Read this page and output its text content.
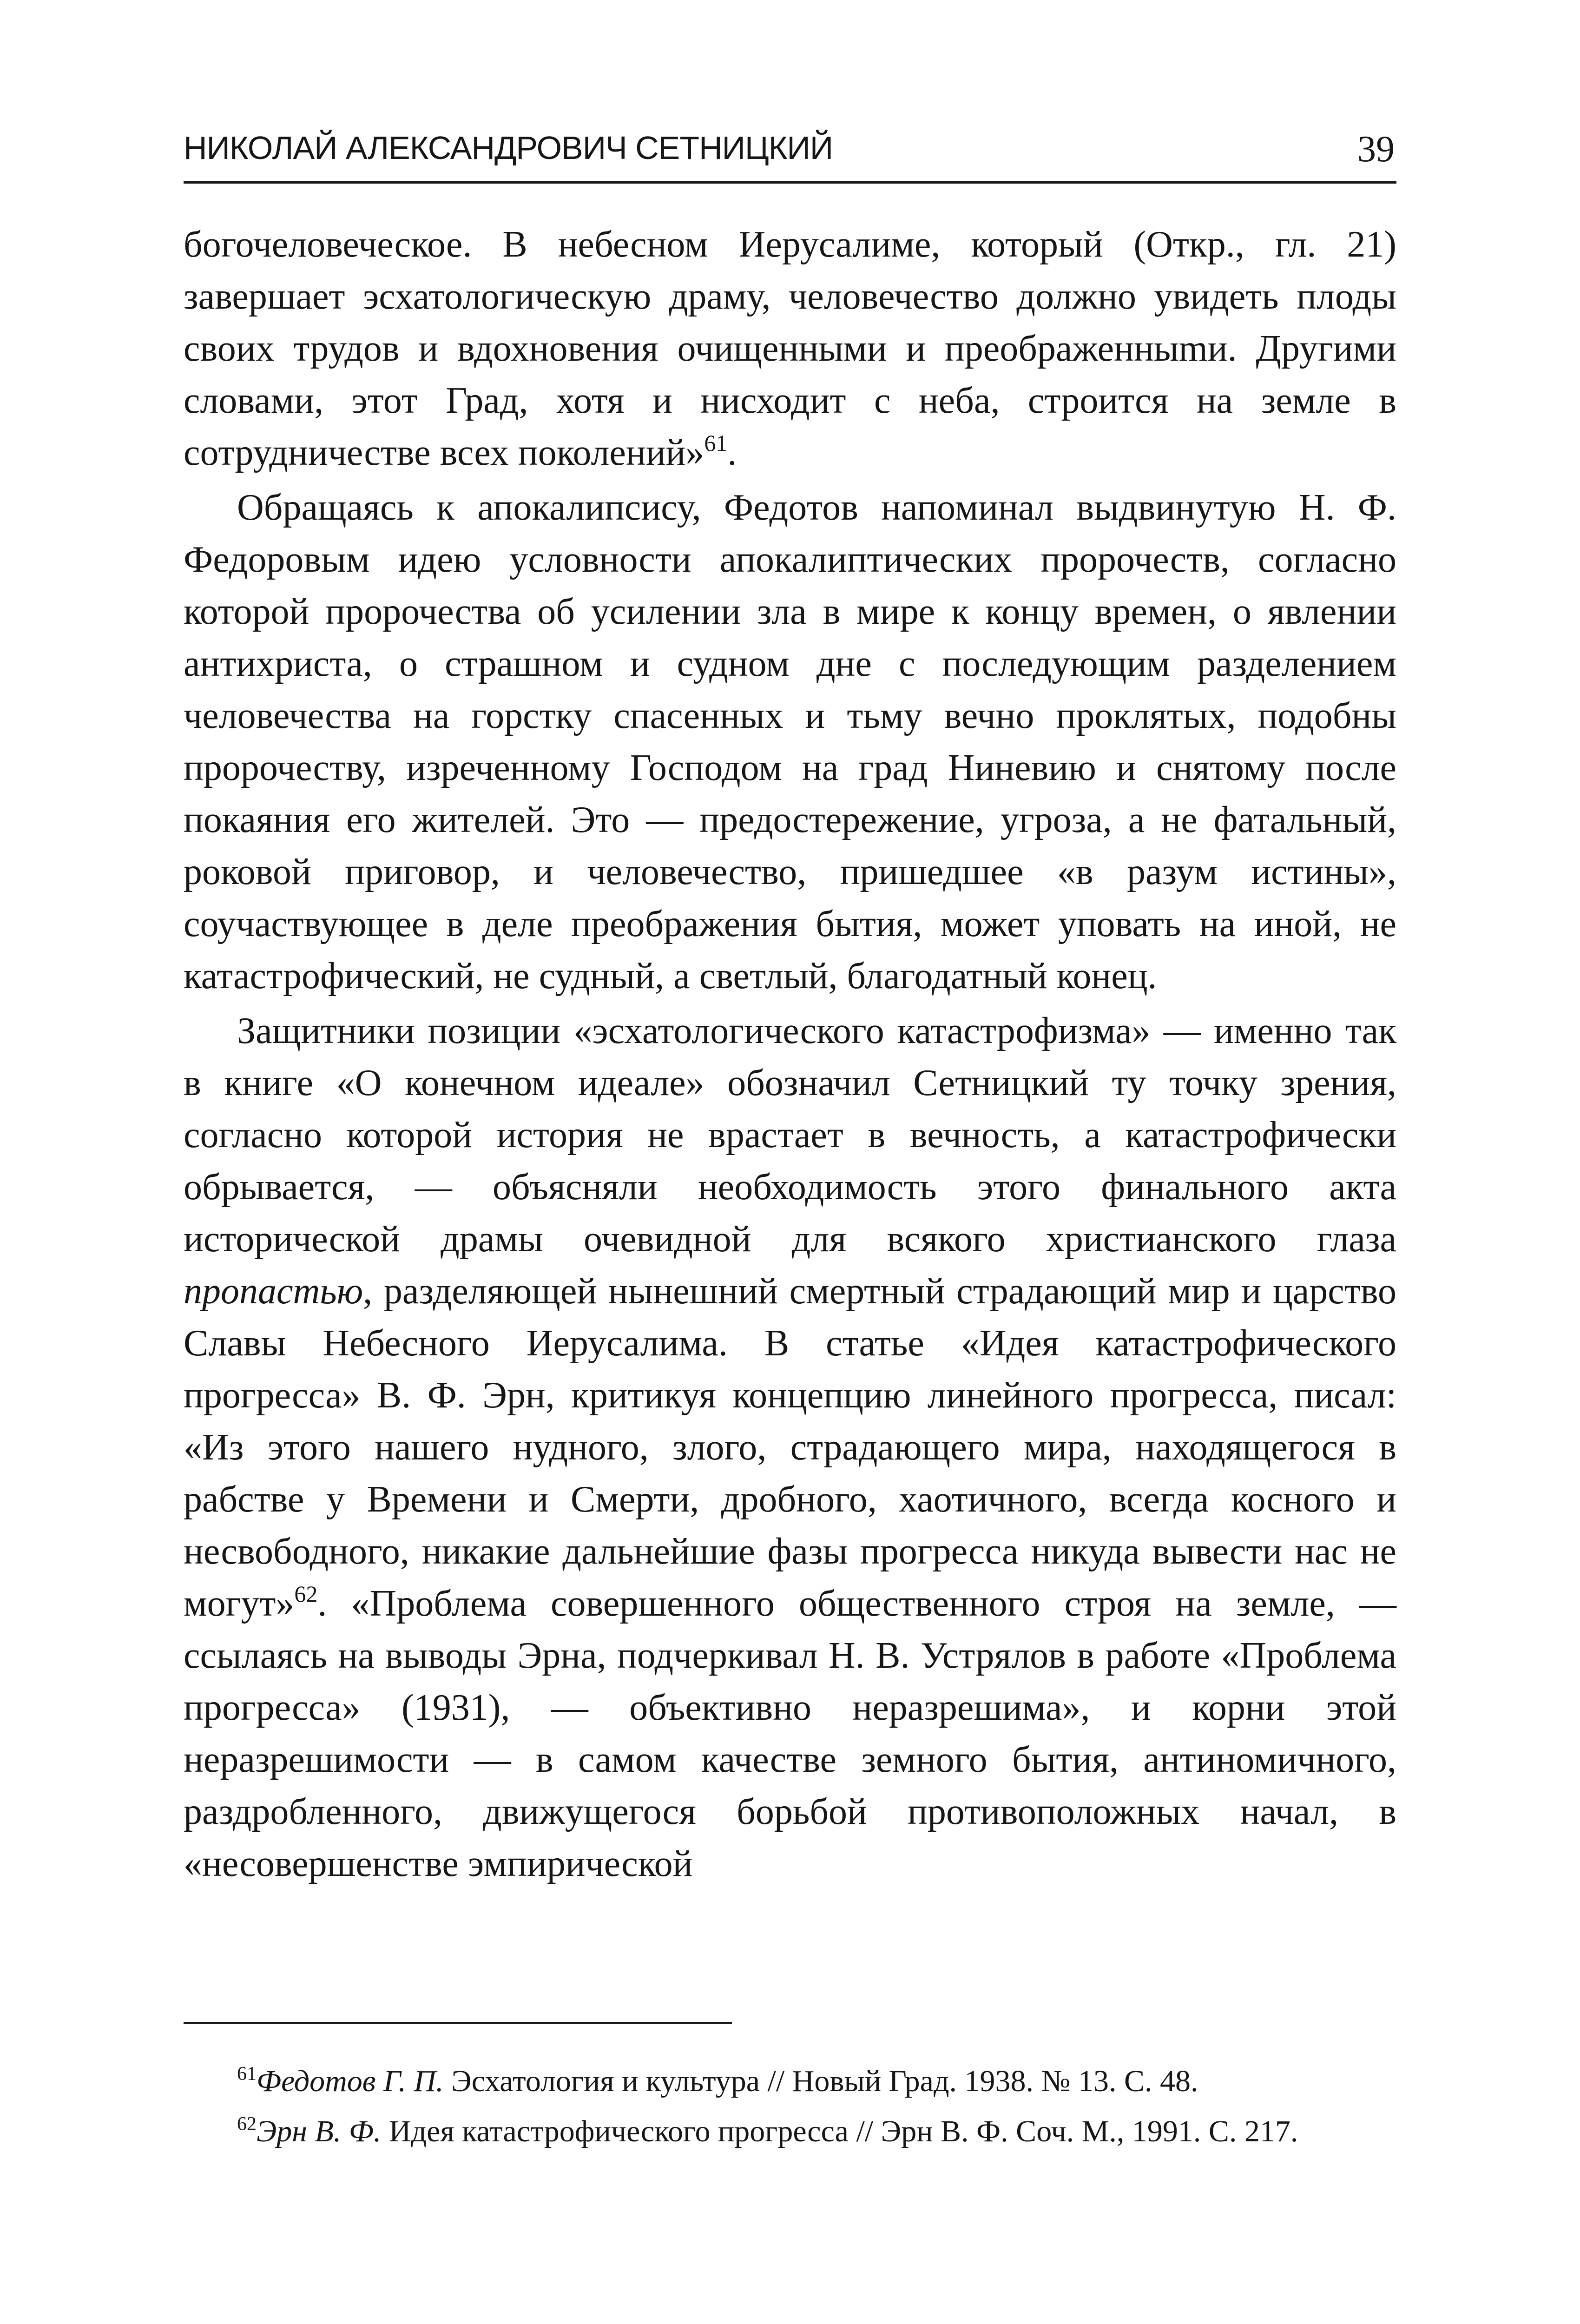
НИКОЛАЙ АЛЕКСАНДРОВИЧ СЕТНИЦКИЙ	39

богочеловеческое. В небесном Иерусалиме, который (Откр., гл. 21) завершает эсхатологическую драму, человечество должно увидеть плоды своих трудов и вдохновения очищенными и преображенныmи. Другими словами, этот Град, хотя и нисходит с неба, строится на земле в сотрудничестве всех поколений»$^{61}$.

Обращаясь к апокалипсису, Федотов напоминал выдвинутую Н. Ф. Федоровым идею условности апокалиптических пророчеств, согласно которой пророчества об усилении зла в мире к концу времен, о явлении антихриста, о страшном и судном дне с последующим разделением человечества на горстку спасенных и тьму вечно проклятых, подобны пророчеству, изреченному Господом на град Ниневию и снятому после покаяния его жителей. Это — предостережение, угроза, а не фатальный, роковой приговор, и человечество, пришедшее «в разум истины», соучаствующее в деле преображения бытия, может уповать на иной, не катастрофический, не судный, а светлый, благодатный конец.

Защитники позиции «эсхатологического катастрофизма» — именно так в книге «О конечном идеале» обозначил Сетницкий ту точку зрения, согласно которой история не врастает в вечность, а катастрофически обрывается, — объясняли необходимость этого финального акта исторической драмы очевидной для всякого христианского глаза пропастью, разделяющей нынешний смертный страдающий мир и царство Славы Небесного Иерусалима. В статье «Идея катастрофического прогресса» В. Ф. Эрн, критикуя концепцию линейного прогресса, писал: «Из этого нашего нудного, злого, страдающего мира, находящегося в рабстве у Времени и Смерти, дробного, хаотичного, всегда косного и несвободного, никакие дальнейшие фазы прогресса никуда вывести нас не могут»$^{62}$. «Проблема совершенного общественного строя на земле, — ссылаясь на выводы Эрна, подчеркивал Н. В. Устрялов в работе «Проблема прогресса» (1931), — объективно неразрешима», и корни этой неразрешимости — в самом качестве земного бытия, антиномичного, раздробленного, движущегося борьбой противоположных начал, в «несовершенстве эмпирической

$^{61}$Федотов Г. П. Эсхатология и культура // Новый Град. 1938. № 13. С. 48.

$^{62}$Эрн В. Ф. Идея катастрофического прогресса // Эрн В. Ф. Соч. М., 1991. С. 217.
